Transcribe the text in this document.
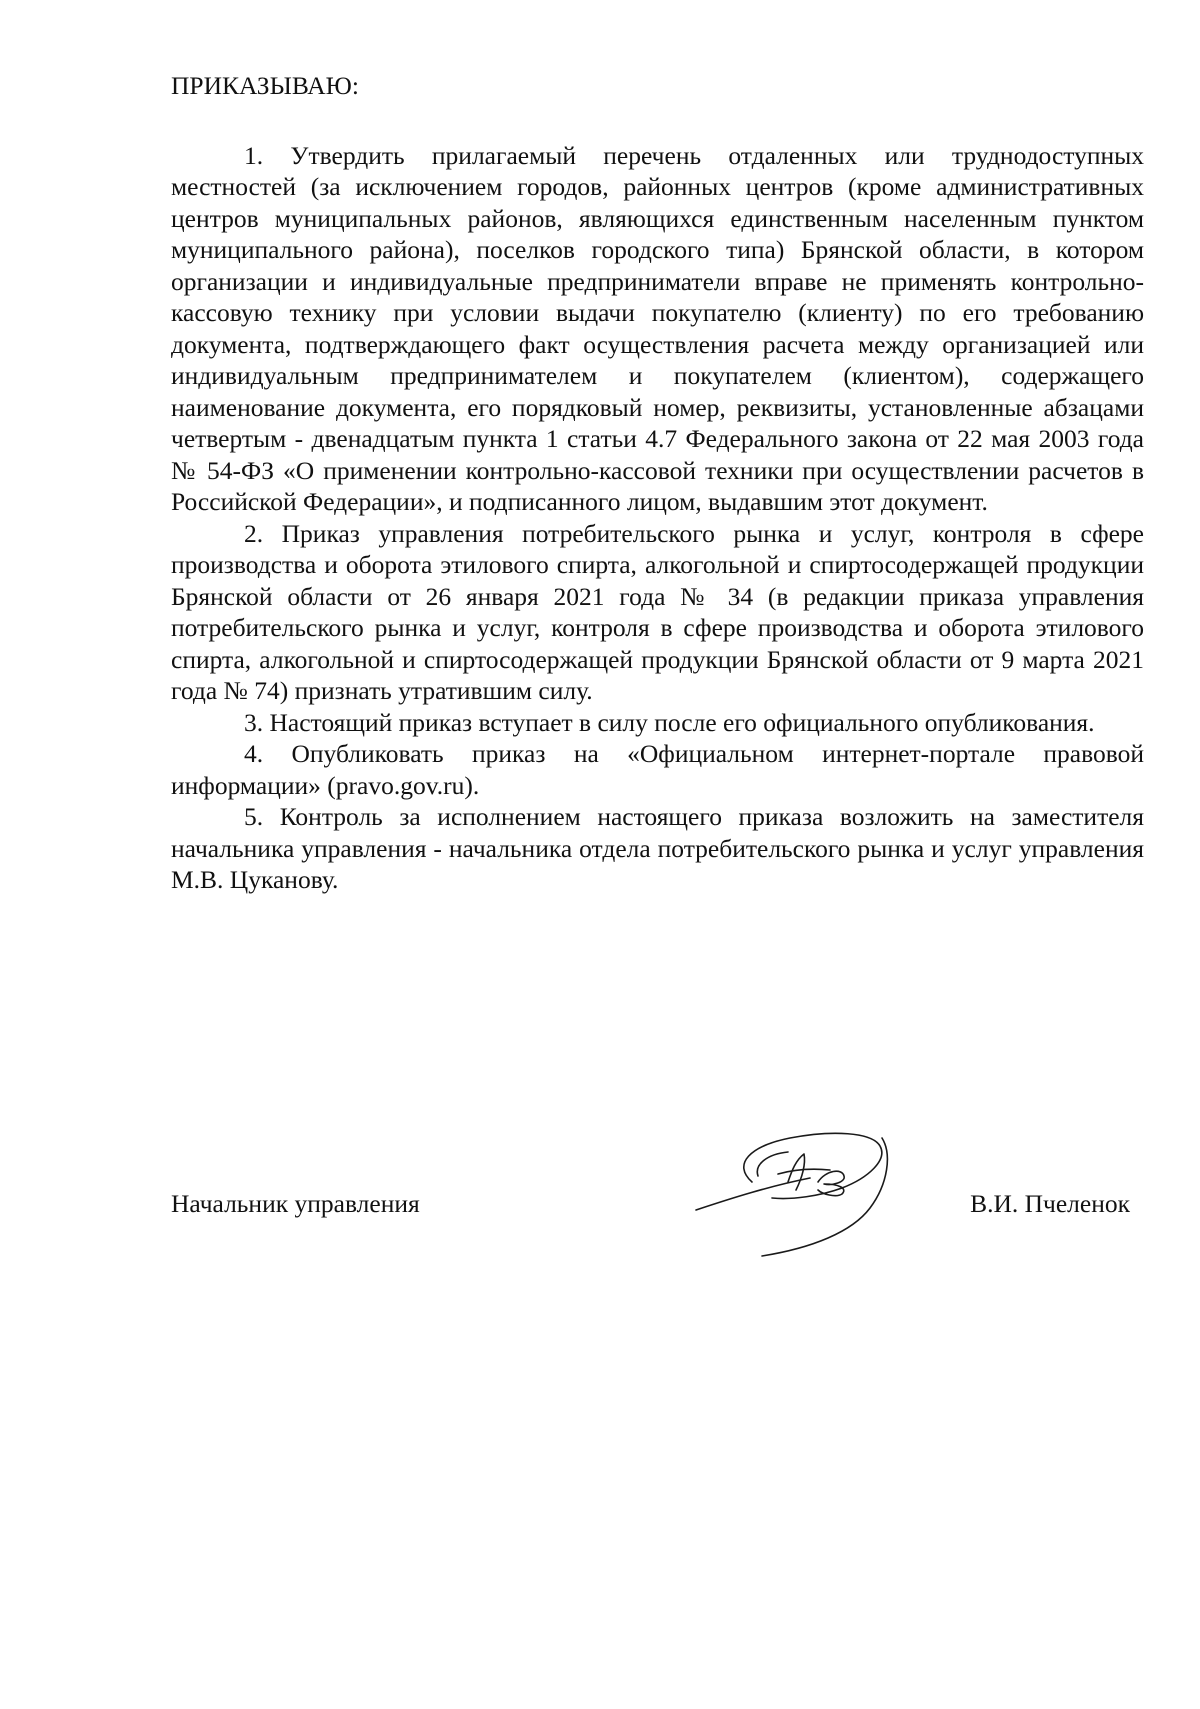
ПРИКАЗЫВАЮ:

1. Утвердить прилагаемый перечень отдаленных или труднодоступных местностей (за исключением городов, районных центров (кроме административных центров муниципальных районов, являющихся единственным населенным пунктом муниципального района), поселков городского типа) Брянской области, в котором организации и индивидуальные предприниматели вправе не применять контрольно-кассовую технику при условии выдачи покупателю (клиенту) по его требованию документа, подтверждающего факт осуществления расчета между организацией или индивидуальным предпринимателем и покупателем (клиентом), содержащего наименование документа, его порядковый номер, реквизиты, установленные абзацами четвертым - двенадцатым пункта 1 статьи 4.7 Федерального закона от 22 мая 2003 года № 54-ФЗ «О применении контрольно-кассовой техники при осуществлении расчетов в Российской Федерации», и подписанного лицом, выдавшим этот документ.

2. Приказ управления потребительского рынка и услуг, контроля в сфере производства и оборота этилового спирта, алкогольной и спиртосодержащей продукции Брянской области от 26 января 2021 года № 34 (в редакции приказа управления потребительского рынка и услуг, контроля в сфере производства и оборота этилового спирта, алкогольной и спиртосодержащей продукции Брянской области от 9 марта 2021 года № 74) признать утратившим силу.

3. Настоящий приказ вступает в силу после его официального опубликования.

4. Опубликовать приказ на «Официальном интернет-портале правовой информации» (pravo.gov.ru).

5. Контроль за исполнением настоящего приказа возложить на заместителя начальника управления - начальника отдела потребительского рынка и услуг управления М.В. Цуканову.

Начальник управления	В.И. Пчеленок
